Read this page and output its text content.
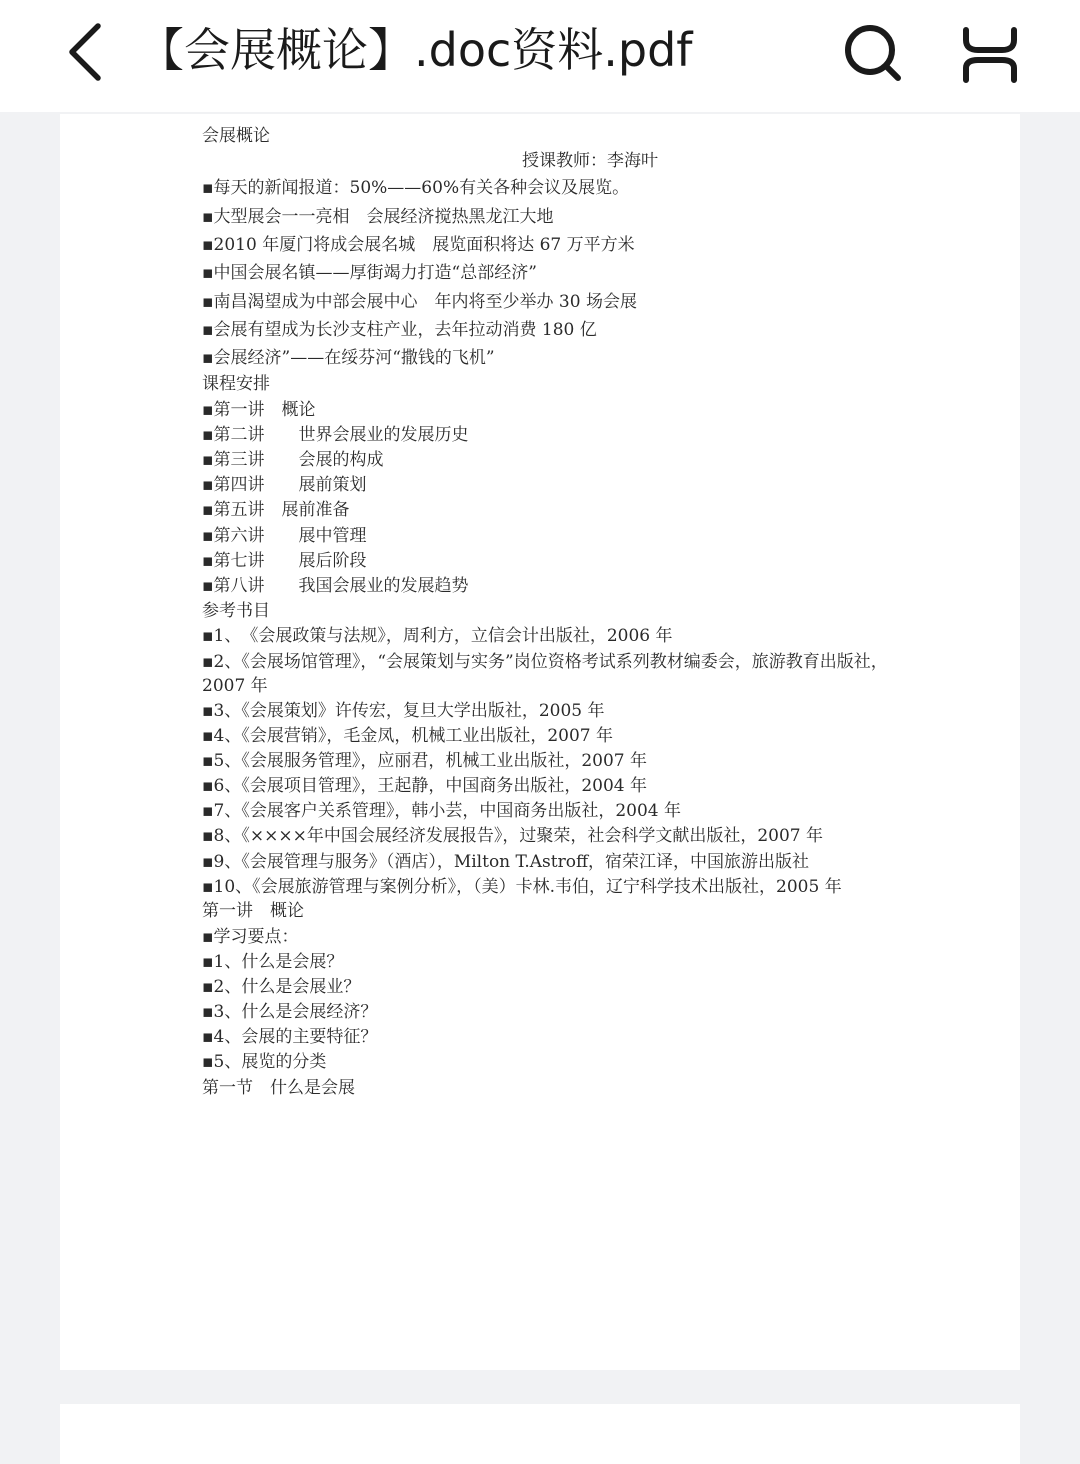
【会展概论】.doc资料.pdf
会展概论
授课教师：李海叶
▪每天的新闻报道：50%——60%有关各种会议及展览。
▪大型展会一一亮相　会展经济搅热黑龙江大地
▪2010 年厦门将成会展名城　展览面积将达 67 万平方米
▪中国会展名镇——厚街竭力打造“总部经济”
▪南昌渴望成为中部会展中心　年内将至少举办 30 场会展
▪会展有望成为长沙支柱产业，去年拉动消费 180 亿
▪会展经济”——在绥芬河“撒钱的飞机”
课程安排
▪第一讲　概论
▪第二讲　　世界会展业的发展历史
▪第三讲　　会展的构成
▪第四讲　　展前策划
▪第五讲　展前准备
▪第六讲　　展中管理
▪第七讲　　展后阶段
▪第八讲　　我国会展业的发展趋势
参考书目
▪1、　《会展政策与法规》，周利方，立信会计出版社，2006 年
▪2、《会展场馆管理》，“会展策划与实务”岗位资格考试系列教材编委会，旅游教育出版社，2007 年
▪3、《会展策划》许传宏，复旦大学出版社，2005 年
▪4、《会展营销》，毛金凤，机械工业出版社，2007 年
▪5、《会展服务管理》，应丽君，机械工业出版社，2007 年
▪6、《会展项目管理》，王起静，中国商务出版社，2004 年
▪7、《会展客户关系管理》，韩小芸，中国商务出版社，2004 年
▪8、《××××年中国会展经济发展报告》，过聚荣，社会科学文献出版社，2007 年
▪9、《会展管理与服务》（酒店），Milton T.Astroff，宿荣江译，中国旅游出版社
▪10、《会展旅游管理与案例分析》，（美）卡林.韦伯，辽宁科学技术出版社，2005 年
第一讲　概论
▪学习要点：
▪1、什么是会展？
▪2、什么是会展业？
▪3、什么是会展经济？
▪4、会展的主要特征？
▪5、展览的分类
第一节　什么是会展
